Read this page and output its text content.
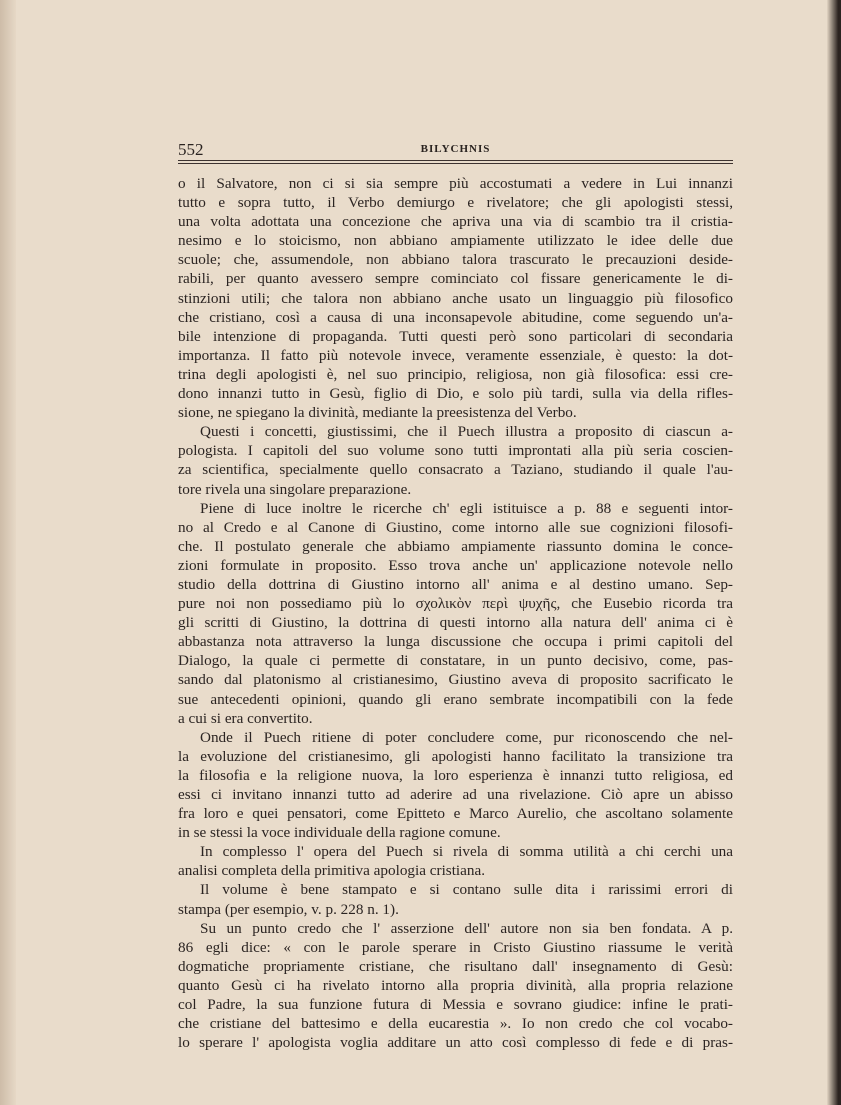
552	BILYCHNIS

o il Salvatore, non ci si sia sempre più accostumati a vedere in Lui innanzi

tutto e sopra tutto, il Verbo demiurgo e rivelatore; che gli apologisti stessi,

una volta adottata una concezione che apriva una via di scambio tra il cristia-

nesimo e lo stoicismo, non abbiano ampiamente utilizzato le idee delle due

scuole; che, assumendole, non abbiano talora trascurato le precauzioni deside-

rabili, per quanto avessero sempre cominciato col fissare genericamente le di-

stinzioni utili; che talora non abbiano anche usato un linguaggio più filosofico

che cristiano, così a causa di una inconsapevole abitudine, come seguendo un'a-

bile intenzione di propaganda. Tutti questi però sono particolari di secondaria

importanza. Il fatto più notevole invece, veramente essenziale, è questo: la dot-

trina degli apologisti è, nel suo principio, religiosa, non già filosofica: essi cre-

dono innanzi tutto in Gesù, figlio di Dio, e solo più tardi, sulla via della rifles-

sione, ne spiegano la divinità, mediante la preesistenza del Verbo.

Questi i concetti, giustissimi, che il Puech illustra a proposito di ciascun a-

pologista. I capitoli del suo volume sono tutti improntati alla più seria coscien-

za scientifica, specialmente quello consacrato a Taziano, studiando il quale l'au-

tore rivela una singolare preparazione.

Piene di luce inoltre le ricerche ch' egli istituisce a p. 88 e seguenti intor-

no al Credo e al Canone di Giustino, come intorno alle sue cognizioni filosofi-

che. Il postulato generale che abbiamo ampiamente riassunto domina le conce-

zioni formulate in proposito. Esso trova anche un' applicazione notevole nello

studio della dottrina di Giustino intorno all' anima e al destino umano. Sep-

pure noi non possediamo più lo σχολικὸν περὶ ψυχῆς, che Eusebio ricorda tra

gli scritti di Giustino, la dottrina di questi intorno alla natura dell' anima ci è

abbastanza nota attraverso la lunga discussione che occupa i primi capitoli del

Dialogo, la quale ci permette di constatare, in un punto decisivo, come, pas-

sando dal platonismo al cristianesimo, Giustino aveva di proposito sacrificato le

sue antecedenti opinioni, quando gli erano sembrate incompatibili con la fede

a cui si era convertito.

Onde il Puech ritiene di poter concludere come, pur riconoscendo che nel-

la evoluzione del cristianesimo, gli apologisti hanno facilitato la transizione tra

la filosofia e la religione nuova, la loro esperienza è innanzi tutto religiosa, ed

essi ci invitano innanzi tutto ad aderire ad una rivelazione. Ciò apre un abisso

fra loro e quei pensatori, come Epitteto e Marco Aurelio, che ascoltano solamente

in se stessi la voce individuale della ragione comune.

In complesso l' opera del Puech si rivela di somma utilità a chi cerchi una

analisi completa della primitiva apologia cristiana.

Il volume è bene stampato e si contano sulle dita i rarissimi errori di

stampa (per esempio, v. p. 228 n. 1).

Su un punto credo che l' asserzione dell' autore non sia ben fondata. A p.

86 egli dice: « con le parole sperare in Cristo Giustino riassume le verità

dogmatiche propriamente cristiane, che risultano dall' insegnamento di Gesù:

quanto Gesù ci ha rivelato intorno alla propria divinità, alla propria relazione

col Padre, la sua funzione futura di Messia e sovrano giudice: infine le prati-

che cristiane del battesimo e della eucarestia ». Io non credo che col vocabo-

lo sperare l' apologista voglia additare un atto così complesso di fede e di pras-
